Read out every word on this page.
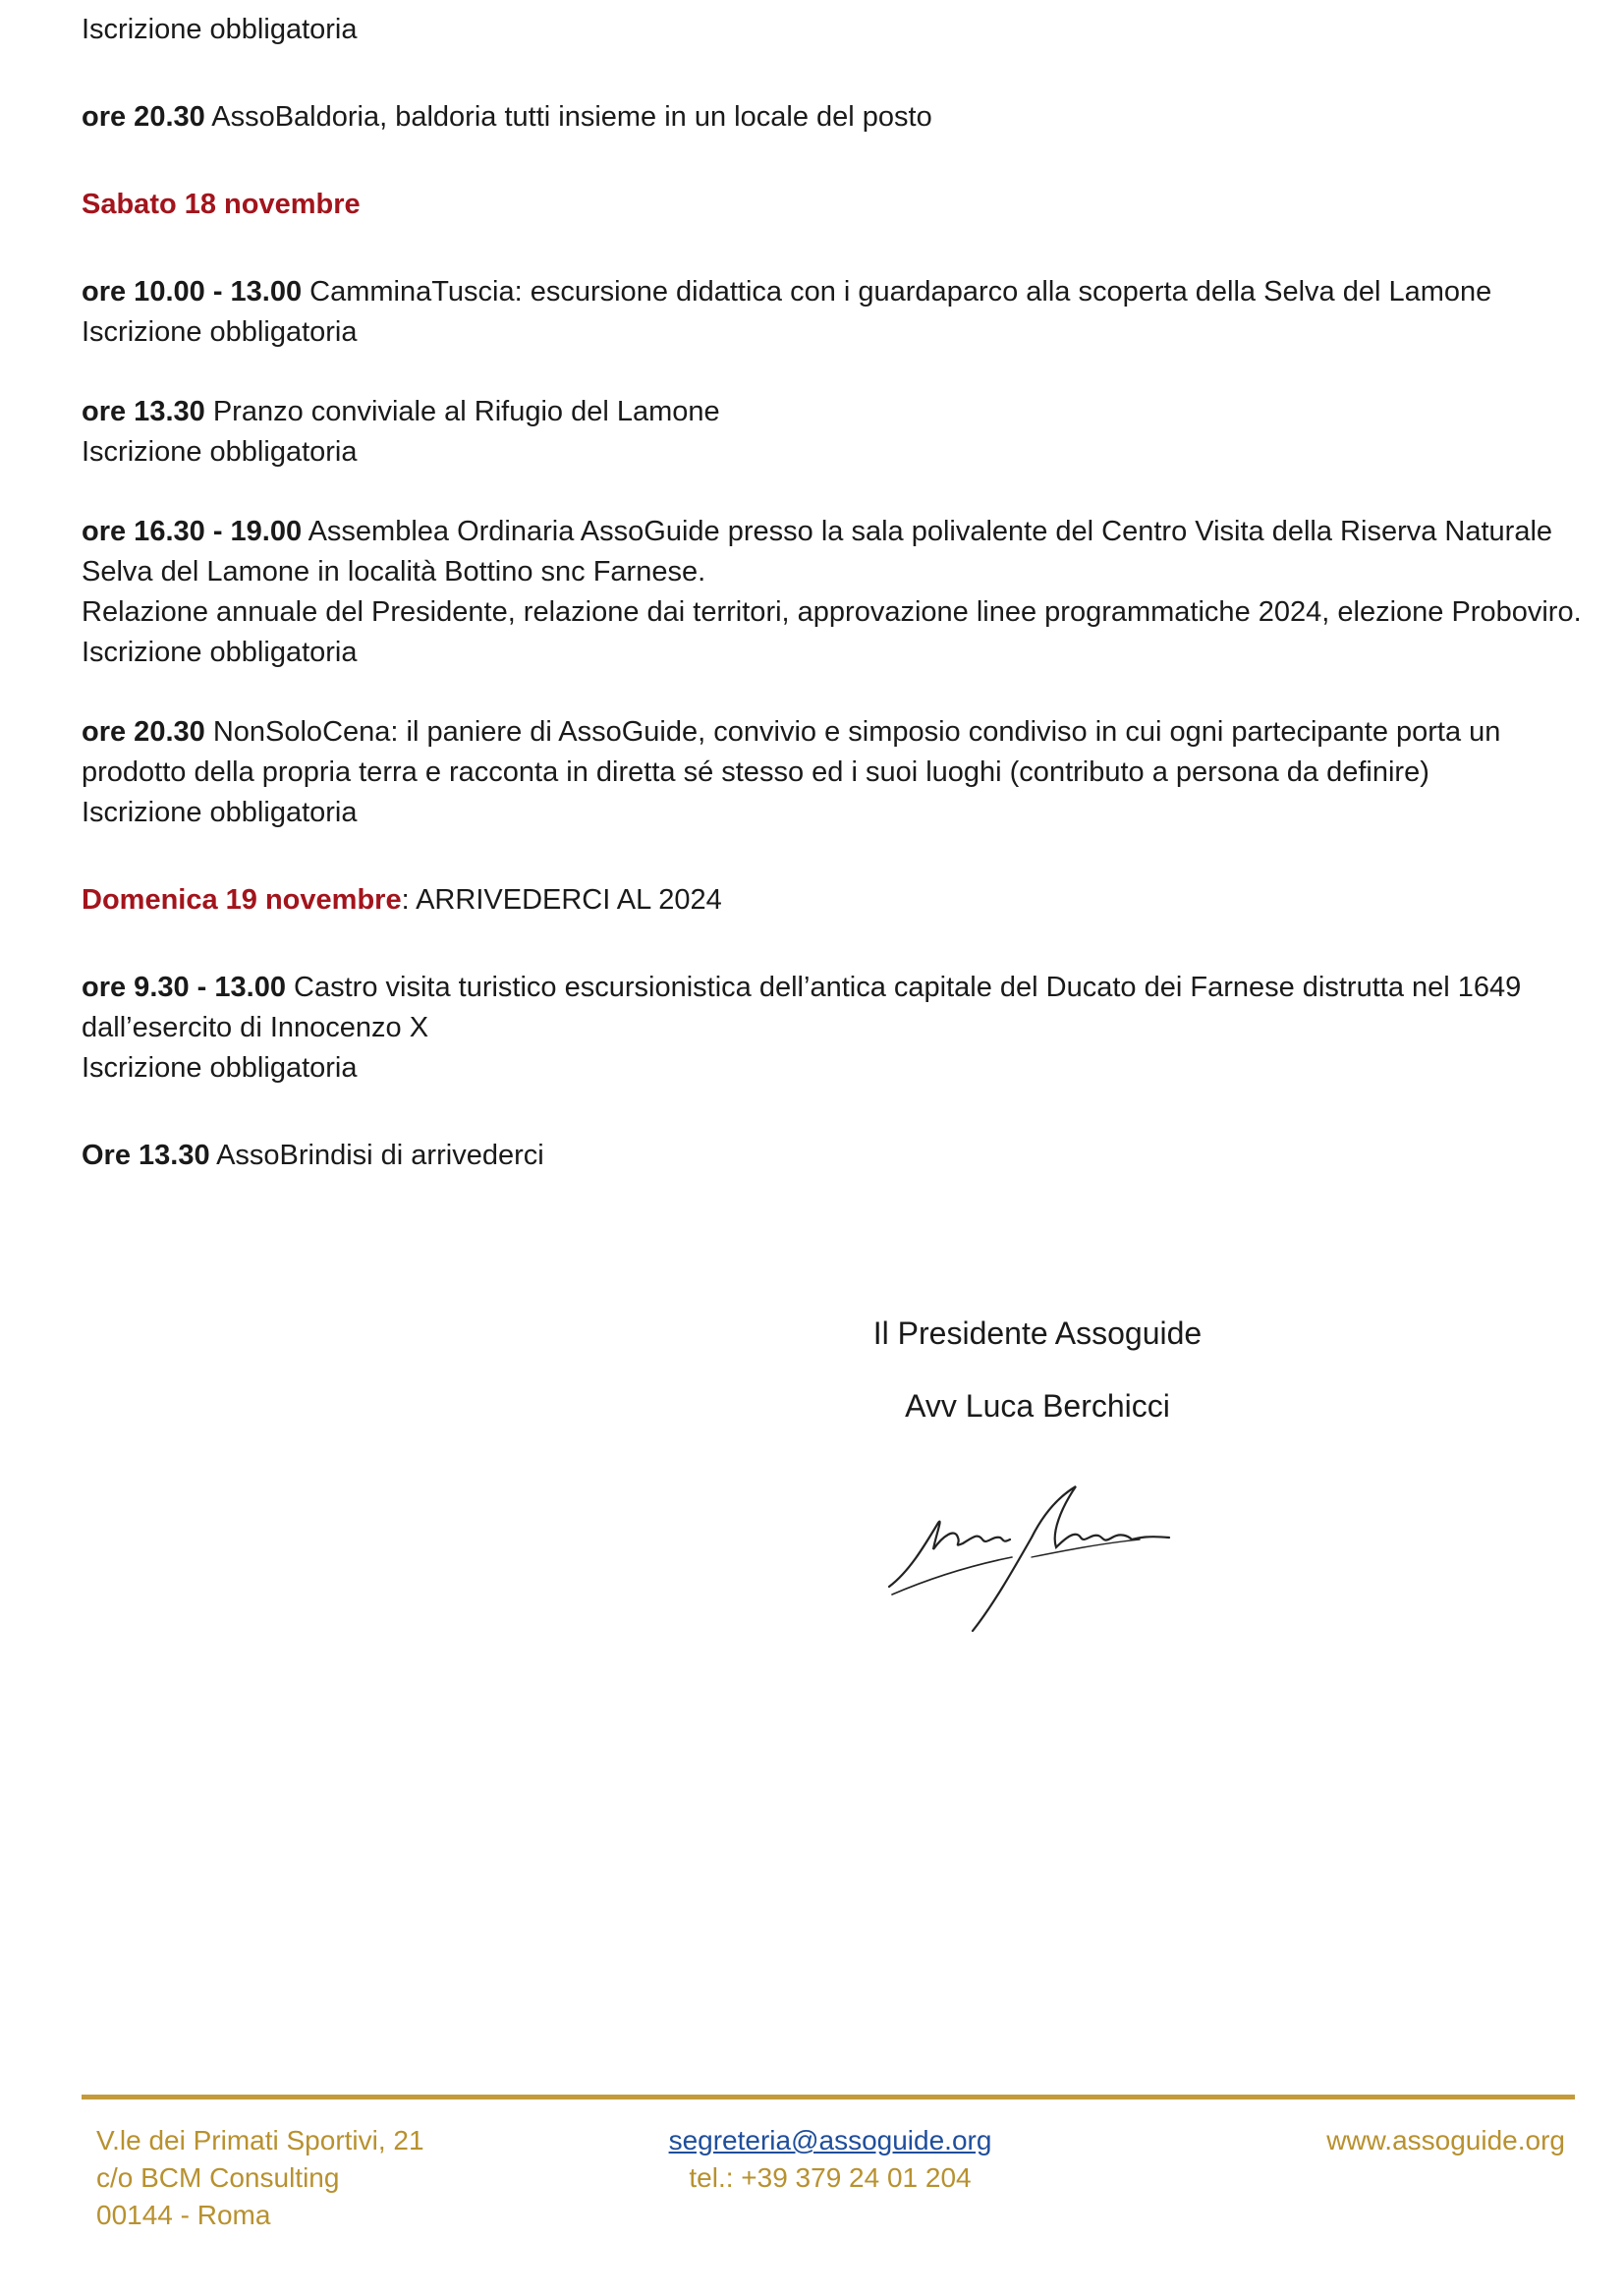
Iscrizione obbligatoria
ore 20.30 AssoBaldoria, baldoria tutti insieme in un locale del posto
Sabato 18 novembre
ore 10.00 - 13.00 CamminaTuscia: escursione didattica con i guardaparco alla scoperta della Selva del Lamone
Iscrizione obbligatoria
ore 13.30 Pranzo conviviale al Rifugio del Lamone
Iscrizione obbligatoria
ore 16.30 - 19.00 Assemblea Ordinaria AssoGuide presso la sala polivalente del Centro Visita della Riserva Naturale Selva del Lamone in località Bottino snc Farnese.
Relazione annuale del Presidente, relazione dai territori, approvazione linee programmatiche 2024, elezione Proboviro.
Iscrizione obbligatoria
ore 20.30 NonSoloCena: il paniere di AssoGuide, convivio e simposio condiviso in cui ogni partecipante porta un prodotto della propria terra e racconta in diretta sé stesso ed i suoi luoghi (contributo a persona da definire)
Iscrizione obbligatoria
Domenica 19 novembre: ARRIVEDERCI AL 2024
ore 9.30 - 13.00 Castro visita turistico escursionistica dell’antica capitale del Ducato dei Farnese distrutta nel 1649 dall’esercito di Innocenzo X
Iscrizione obbligatoria
Ore 13.30 AssoBrindisi di arrivederci
Il Presidente Assoguide
Avv Luca Berchicci
V.le dei Primati Sportivi, 21
c/o BCM Consulting
00144 - Roma
segreteria@assoguide.org
tel.: +39 379 24 01 204
www.assoguide.org
